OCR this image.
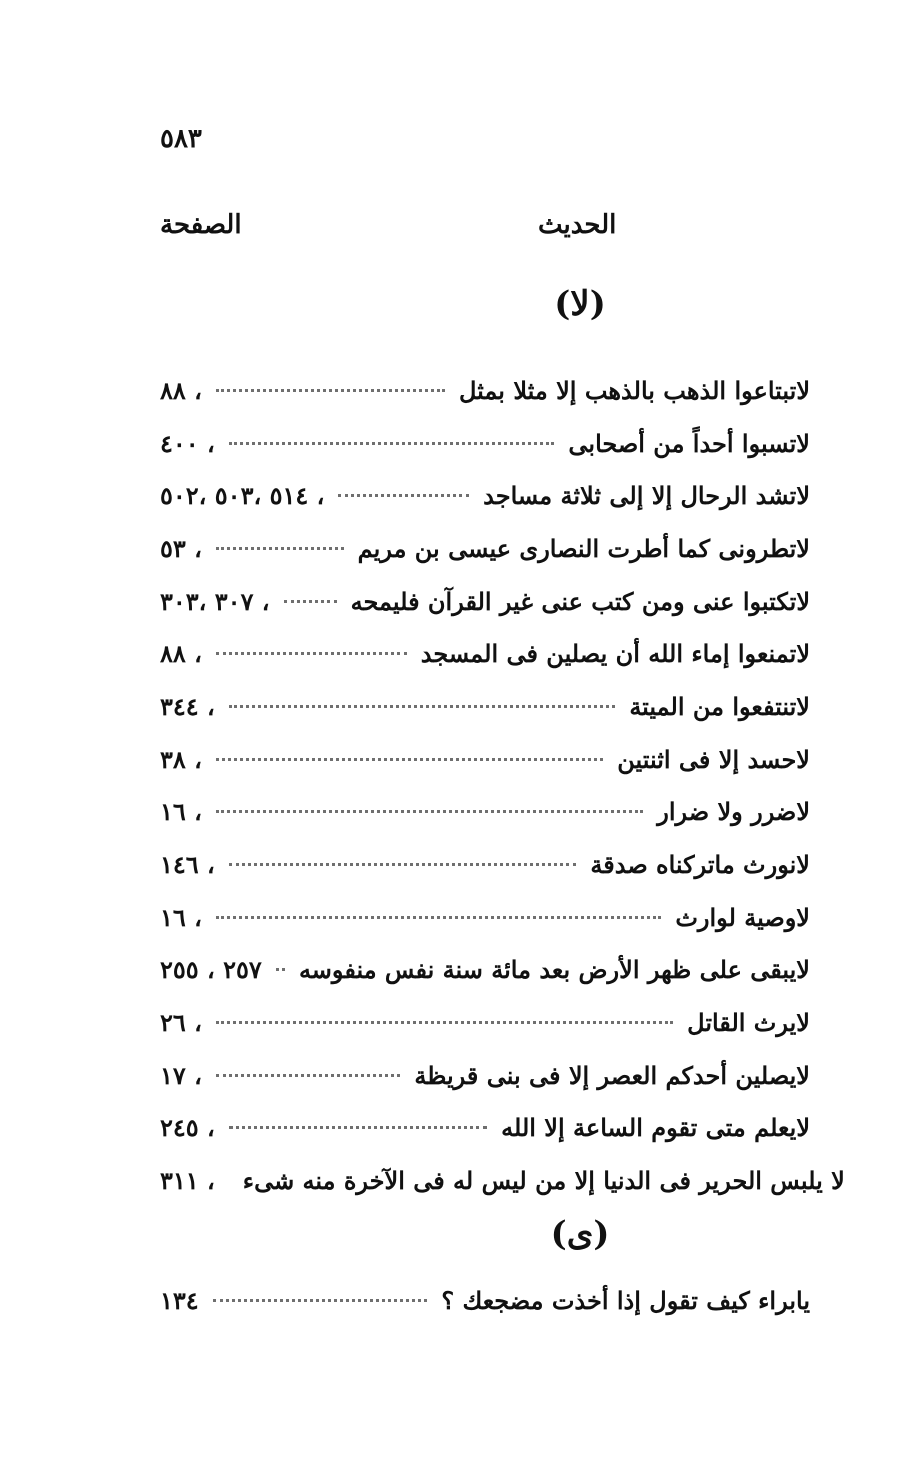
٥٨٣
الحديث
الصفحة
(لا)
٨٨ ،	لاتبتاعوا الذهب بالذهب إلا مثلا بمثل
٤٠٠ ،	لاتسبوا أحداً من أصحابى
٥١٤ ،٥٠٣ ،٥٠٢ ،	لاتشد الرحال إلا إلى ثلاثة مساجد
٥٣ ،	لاتطرونى كما أطرت النصارى عيسى بن مريم
٣٠٧ ،٣٠٣ ،	لاتكتبوا عنى ومن كتب عنى غير القرآن فليمحه
٨٨ ،	لاتمنعوا إماء الله أن يصلين فى المسجد
٣٤٤ ،	لاتنتفعوا من الميتة
٣٨ ،	لاحسد إلا فى اثنتين
١٦ ،	لاضرر ولا ضرار
١٤٦ ،	لانورث ماتركناه صدقة
١٦ ،	لاوصية لوارث
٢٥٧ ، ٢٥٥ لايبقى على ظهر الأرض بعد مائة سنة نفس منفوسه
٢٦ ،	لايرث القاتل
١٧ ،	لايصلين أحدكم العصر إلا فى بنى قريظة
٢٤٥ ،	لايعلم متى تقوم الساعة إلا الله
٣١١ ، لا يلبس الحرير فى الدنيا إلا من ليس له فى الآخرة منه شىء
(ى)
١٣٤	يابراء كيف تقول إذا أخذت مضجعك ؟
